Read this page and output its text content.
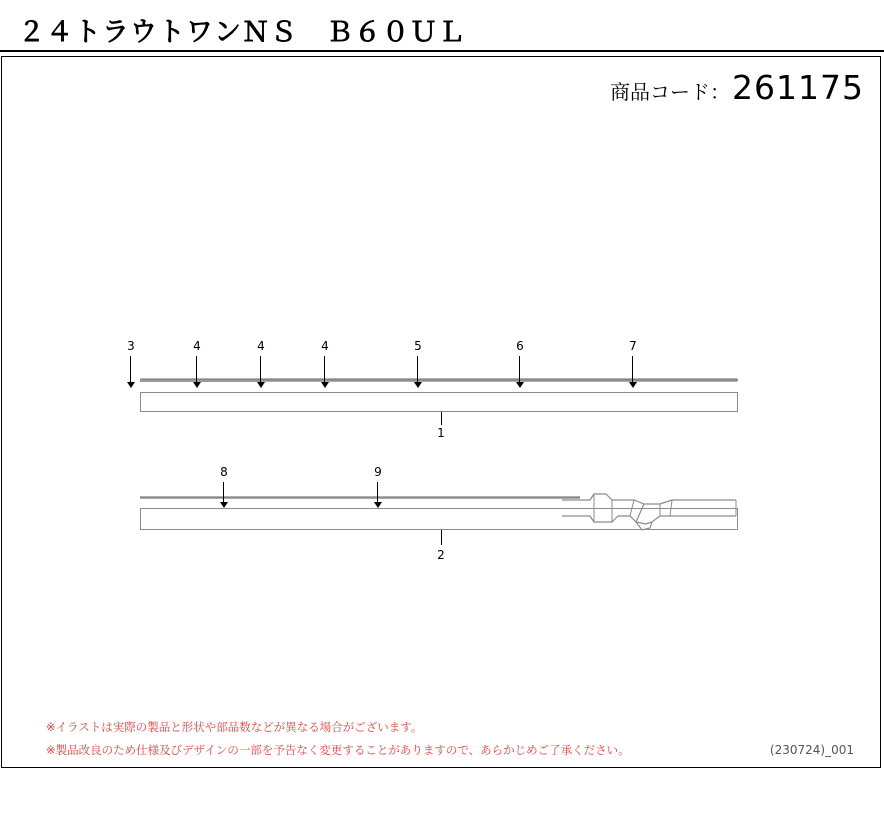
２４トラウトワンＮＳ　Ｂ６０ＵＬ
商品コード： 261175
3	4	4	4	5	6	7
8	9
1
2
※イラストは実際の製品と形状や部品数などが異なる場合がございます。
※製品改良のため仕様及びデザインの一部を予告なく変更することがありますので、あらかじめご了承ください。	(230724)_001
